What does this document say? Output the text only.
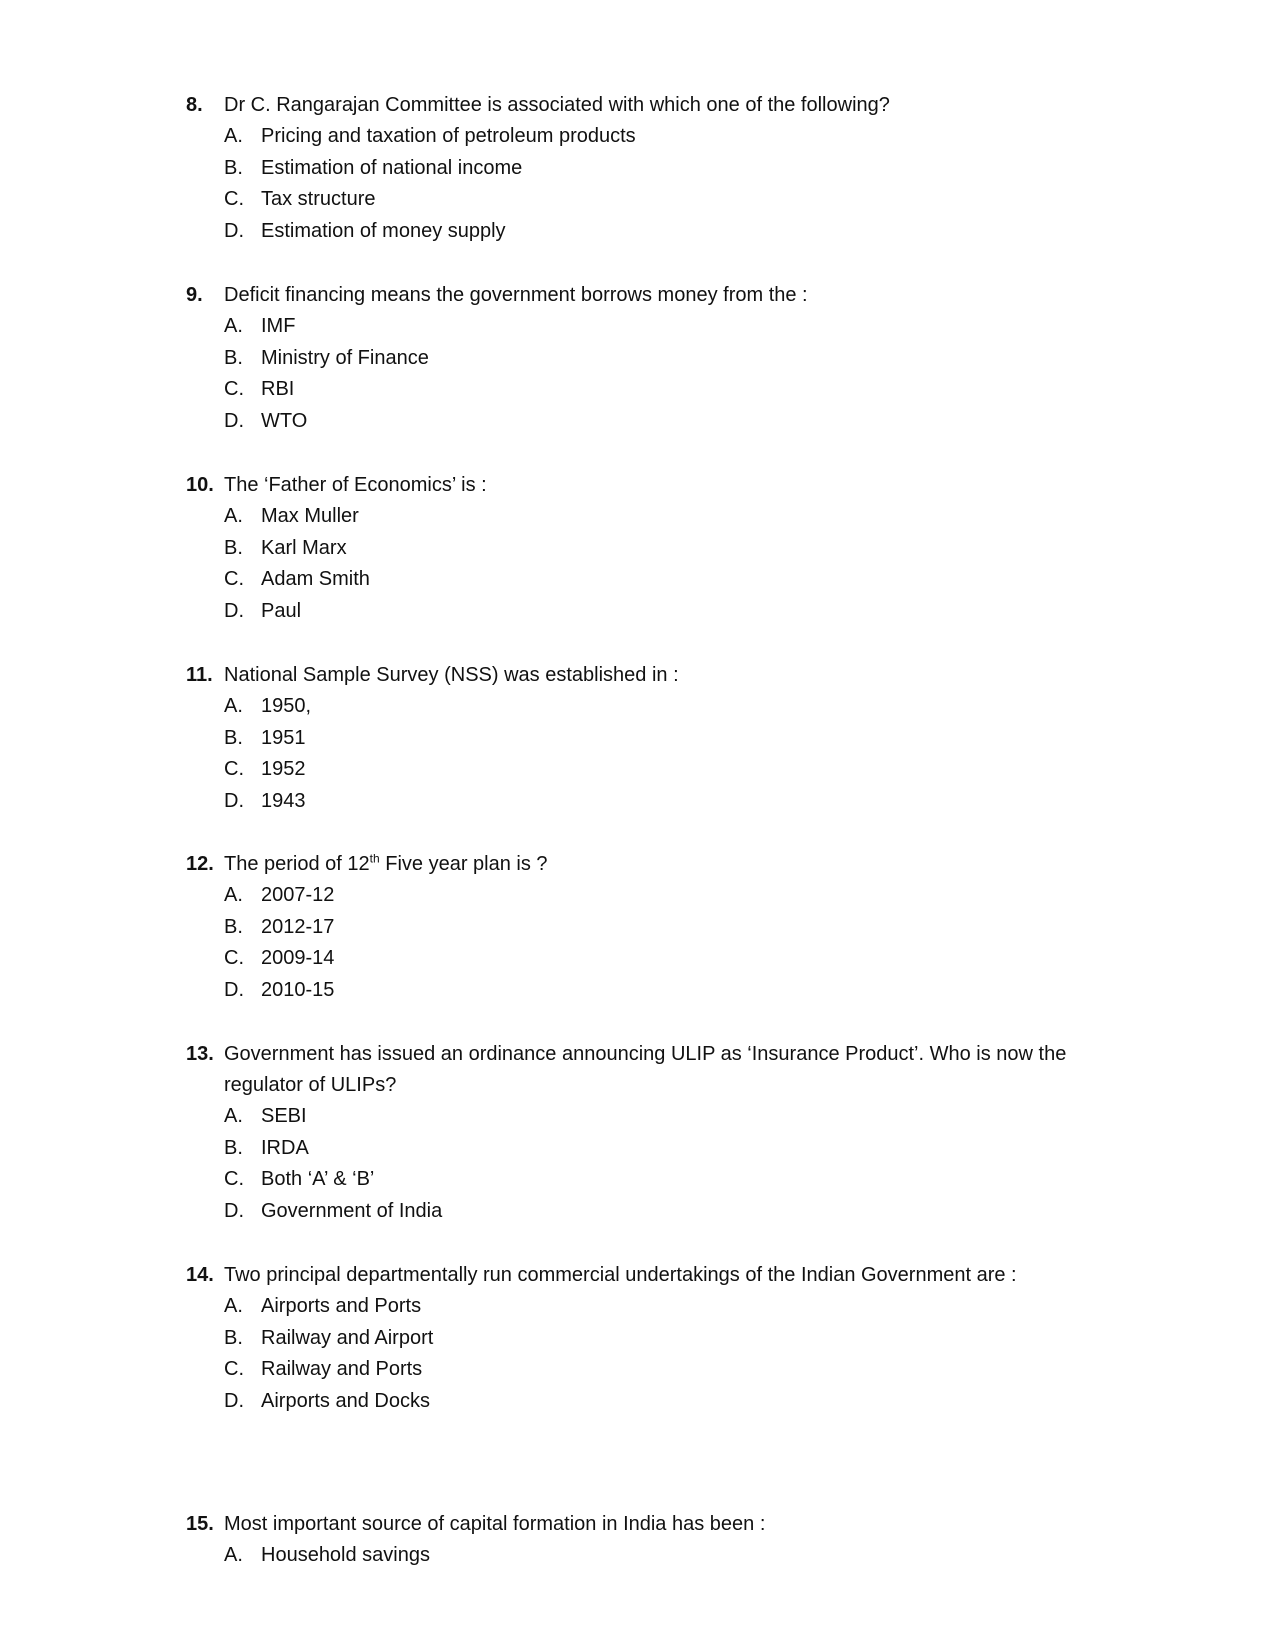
8. Dr C. Rangarajan Committee is associated with which one of the following?
A. Pricing and taxation of petroleum products
B. Estimation of national income
C. Tax structure
D. Estimation of money supply
9. Deficit financing means the government borrows money from the :
A. IMF
B. Ministry of Finance
C. RBI
D. WTO
10. The ‘Father of Economics’ is :
A. Max Muller
B. Karl Marx
C. Adam Smith
D. Paul
11. National Sample Survey (NSS) was established in :
A. 1950,
B. 1951
C. 1952
D. 1943
12. The period of 12th Five year plan is ?
A. 2007-12
B. 2012-17
C. 2009-14
D. 2010-15
13. Government has issued an ordinance announcing ULIP as ‘Insurance Product’. Who is now the regulator of ULIPs?
A. SEBI
B. IRDA
C. Both ‘A’ & ‘B’
D. Government of India
14. Two principal departmentally run commercial undertakings of the Indian Government are :
A. Airports and Ports
B. Railway and Airport
C. Railway and Ports
D. Airports and Docks
15. Most important source of capital formation in India has been :
A. Household savings
